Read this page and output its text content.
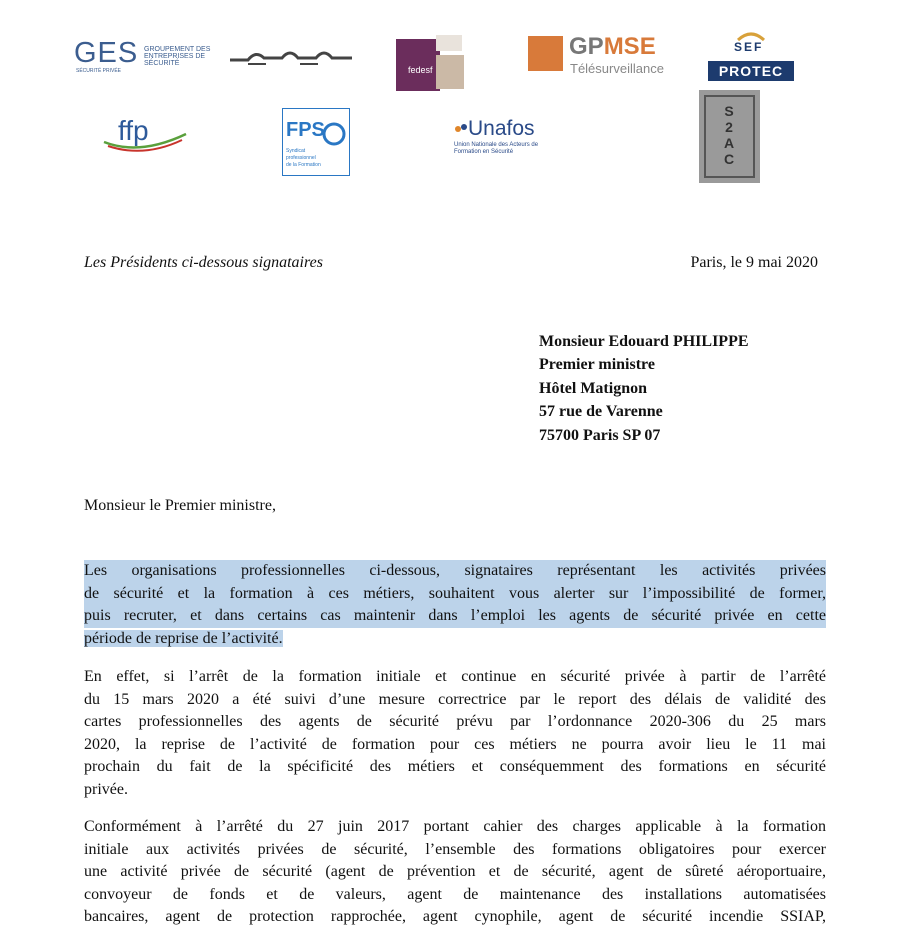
GES GROUPEMENT DES ENTREPRISES DE SÉCURITÉ
SÉCURITÉ PRIVÉE	fedesf
GPMSE
Télésurveillance
SEF
PROTEC
ffp	FPS
Syndicat
professionnel
de la Formation
Unafos
Union Nationale des Acteurs de Formation en Sécurité
S
2
A
C
Les Présidents ci-dessous signataires	Paris, le 9 mai 2020
Monsieur Edouard PHILIPPE
Premier ministre
Hôtel Matignon
57 rue de Varenne
75700 Paris SP 07
Monsieur le Premier ministre,
Les organisations professionnelles ci-dessous, signataires représentant les activités privées
de sécurité et la formation à ces métiers, souhaitent vous alerter sur l’impossibilité de former,
puis recruter, et dans certains cas maintenir dans l’emploi les agents de sécurité privée en cette
période de reprise de l’activité.
En effet, si l’arrêt de la formation initiale et continue en sécurité privée à partir de l’arrêté
du 15 mars 2020 a été suivi d’une mesure correctrice par le report des délais de validité des
cartes professionnelles des agents de sécurité prévu par l’ordonnance 2020-306 du 25 mars
2020, la reprise de l’activité de formation pour ces métiers ne pourra avoir lieu le 11 mai
prochain du fait de la spécificité des métiers et conséquemment des formations en sécurité
privée.
Conformément à l’arrêté du 27 juin 2017 portant cahier des charges applicable à la formation
initiale aux activités privées de sécurité, l’ensemble des formations obligatoires pour exercer
une activité privée de sécurité (agent de prévention et de sécurité, agent de sûreté aéroportuaire,
convoyeur de fonds et de valeurs, agent de maintenance des installations automatisées
bancaires, agent de protection rapprochée, agent cynophile, agent de sécurité incendie SSIAP,
